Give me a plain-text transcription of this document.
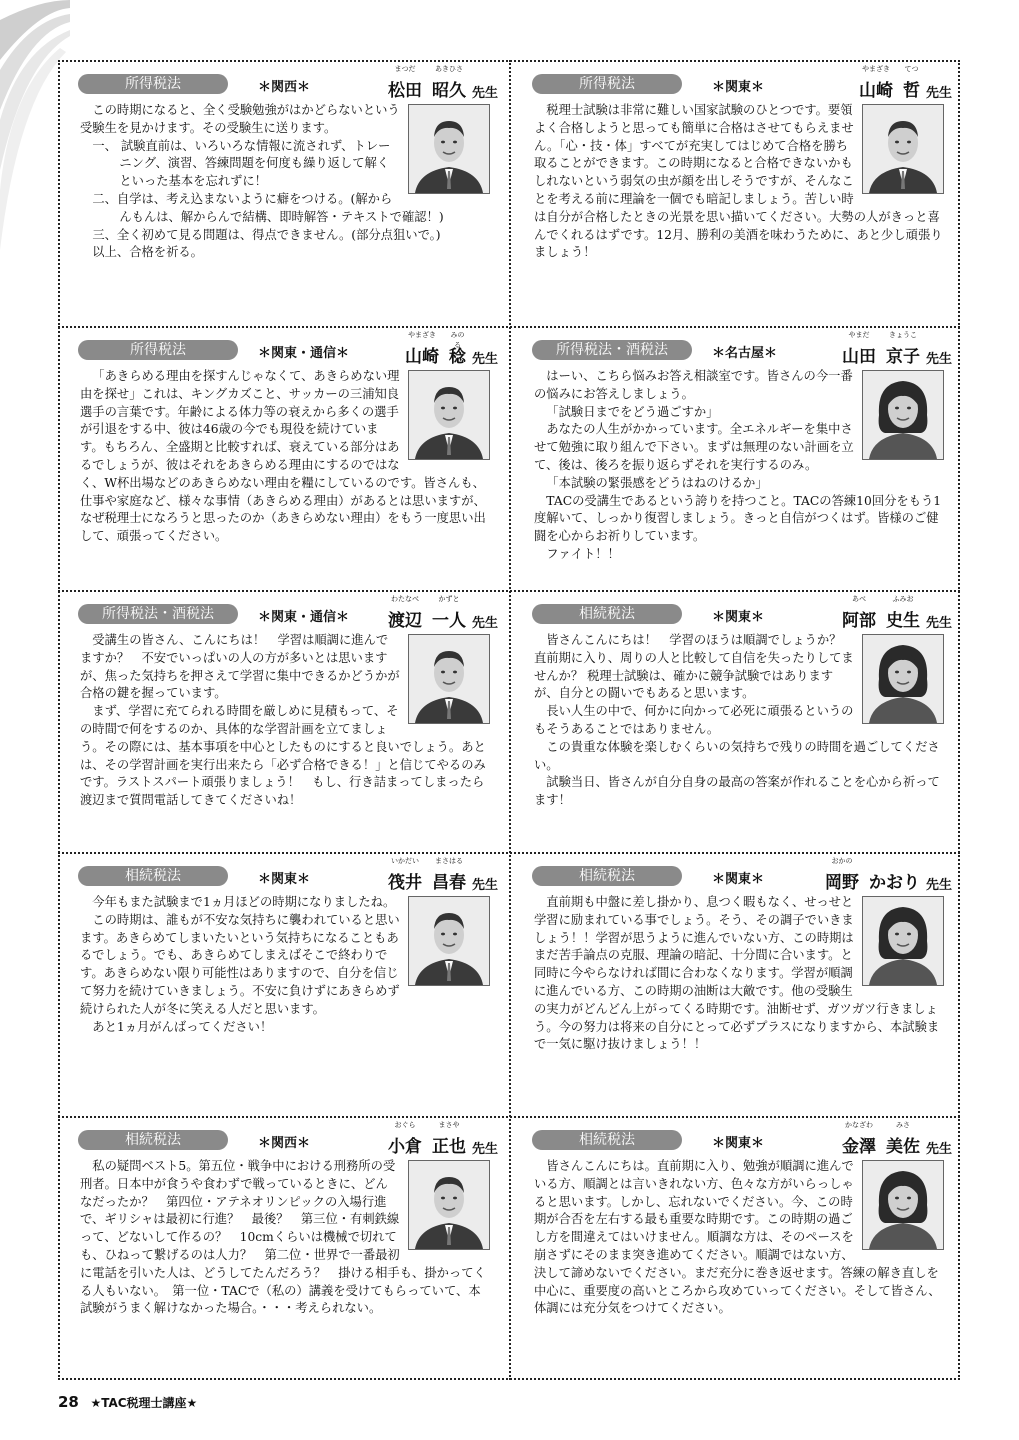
所得税法	＊関西＊
まつだ
松田
あきひさ
昭久 先生

この時期になると、全く受験勉強がはかどらないという受験生を見かけます。その受験生に送ります。

一、 試験直前は、いろいろな情報に流されず、トレーニング、演習、答練問題を何度も繰り返して解くといった基本を忘れずに！

二、自学は、考え込まないように癖をつける。(解からんもんは、解からんで結構、即時解答・テキストで確認！)

三、全く初めて見る問題は、得点できません。(部分点狙いで。)

以上、合格を祈る。

所得税法	＊関東＊
やまざき
山崎
てつ
哲 先生

税理士試験は非常に難しい国家試験のひとつです。要領よく合格しようと思っても簡単に合格はさせてもらえません。「心・技・体」すべてが充実してはじめて合格を勝ち取ることができます。この時期になると合格できないかもしれないという弱気の虫が顔を出しそうですが、そんなことを考える前に理論を一個でも暗記しましょう。苦しい時は自分が合格したときの光景を思い描いてください。大勢の人がきっと喜んでくれるはずです。12月、勝利の美酒を味わうために、あと少し頑張りましょう！

所得税法	＊関東・通信＊
やまざき
山崎
みのる
稔 先生

「あきらめる理由を探すんじゃなくて、あきらめない理由を探せ」これは、キングカズこと、サッカーの三浦知良選手の言葉です。年齢による体力等の衰えから多くの選手が引退をする中、彼は46歳の今でも現役を続けています。もちろん、全盛期と比較すれば、衰えている部分はあるでしょうが、彼はそれをあきらめる理由にするのではなく、W杯出場などのあきらめない理由を糧にしているのです。皆さんも、仕事や家庭など、様々な事情（あきらめる理由）があるとは思いますが、なぜ税理士になろうと思ったのか（あきらめない理由）をもう一度思い出して、頑張ってください。

所得税法・酒税法	＊名古屋＊
やまだ
山田
きょうこ
京子 先生

はーい、こちら悩みお答え相談室です。皆さんの今一番の悩みにお答えしましょう。

「試験日までをどう過ごすか」

あなたの人生がかかっています。全エネルギーを集中させて勉強に取り組んで下さい。まずは無理のない計画を立て、後は、後ろを振り返らずそれを実行するのみ。

「本試験の緊張感をどうはねのけるか」

TACの受講生であるという誇りを持つこと。TACの答練10回分をもう1度解いて、しっかり復習しましょう。きっと自信がつくはず。皆様のご健闘を心からお祈りしています。

ファイト！！

所得税法・酒税法	＊関東・通信＊
わたなべ
渡辺
かずと
一人 先生

受講生の皆さん、こんにちは！　学習は順調に進んでますか？　不安でいっぱいの人の方が多いとは思いますが、焦った気持ちを押さえて学習に集中できるかどうかが合格の鍵を握っています。

まず、学習に充てられる時間を厳しめに見積もって、その時間で何をするのか、具体的な学習計画を立てましょう。その際には、基本事項を中心としたものにすると良いでしょう。あとは、その学習計画を実行出来たら「必ず合格できる！」と信じてやるのみです。ラストスパート頑張りましょう！　もし、行き詰まってしまったら渡辺まで質問電話してきてくださいね！

相続税法	＊関東＊
あべ
阿部
ふみお
史生 先生

皆さんこんにちは！　学習のほうは順調でしょうか？ 直前期に入り、周りの人と比較して自信を失ったりしてませんか？ 税理士試験は、確かに競争試験ではありますが、自分との闘いでもあると思います。

長い人生の中で、何かに向かって必死に頑張るというのもそうあることではありません。

この貴重な体験を楽しむくらいの気持ちで残りの時間を過ごしてください。

試験当日、皆さんが自分自身の最高の答案が作れることを心から祈ってます！

相続税法	＊関東＊
いかだい
筏井
まさはる
昌春 先生

今年もまた試験まで1ヵ月ほどの時期になりましたね。

この時期は、誰もが不安な気持ちに襲われていると思います。あきらめてしまいたいという気持ちになることもあるでしょう。でも、あきらめてしまえばそこで終わりです。あきらめない限り可能性はありますので、自分を信じて努力を続けていきましょう。不安に負けずにあきらめず続けられた人が冬に笑える人だと思います。

あと1ヵ月がんばってください！

相続税法	＊関東＊
おかの
岡野 かおり 先生

直前期も中盤に差し掛かり、息つく暇もなく、せっせと学習に励まれている事でしょう。そう、その調子でいきましょう！！学習が思うように進んでいない方、この時期はまだ苦手論点の克服、理論の暗記、十分間に合います。と同時に今やらなければ間に合わなくなります。学習が順調に進んでいる方、この時期の油断は大敵です。他の受験生の実力がどんどん上がってくる時期です。油断せず、ガツガツ行きましょう。今の努力は将来の自分にとって必ずプラスになりますから、本試験まで一気に駆け抜けましょう！！

相続税法	＊関西＊
おぐら
小倉
まさや
正也 先生

私の疑問ベスト5。第五位・戦争中における刑務所の受刑者。日本中が食うや食わずで戦っているときに、どんなだったか？　第四位・アテネオリンピックの入場行進で、ギリシャは最初に行進？　最後？　第三位・有刺鉄線って、どないして作るの？　10cmくらいは機械で切れても、ひねって繋げるのは人力？　第二位・世界で一番最初に電話を引いた人は、どうしてたんだろう？　掛ける相手も、掛かってくる人もいない。　第一位・TACで（私の）講義を受けてもらっていて、本試験がうまく解けなかった場合。・・・考えられない。

相続税法	＊関東＊
かなざわ
金澤
みさ
美佐 先生

皆さんこんにちは。直前期に入り、勉強が順調に進んでいる方、順調とは言いきれない方、色々な方がいらっしゃると思います。しかし、忘れないでください。今、この時期が合否を左右する最も重要な時期です。この時期の過ごし方を間違えてはいけません。順調な方は、そのペースを崩さずにそのまま突き進めてください。順調ではない方、決して諦めないでください。まだ充分に巻き返せます。答練の解き直しを中心に、重要度の高いところから攻めていってください。そして皆さん、体調には充分気をつけてください。

28 ★TAC税理士講座★
